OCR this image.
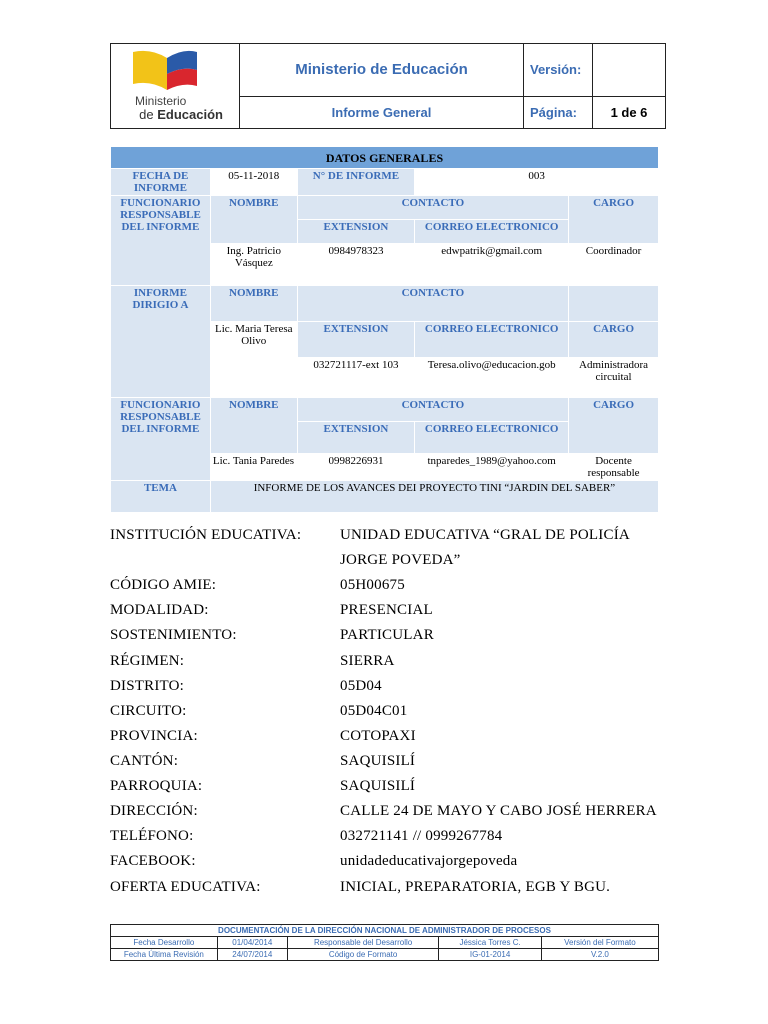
Ministerio
de Educación	Ministerio de Educación	Versión:	
	Informe General	Página:	1 de 6
DATOS GENERALES				
FECHA DE INFORME	05-11-2018	N° DE INFORME	003	
FUNCIONARIO RESPONSABLE DEL INFORME	NOMBRE	CONTACTO		CARGO
		EXTENSION	CORREO ELECTRONICO	
	Ing. Patricio Vásquez	0984978323	edwpatrik@gmail.com	Coordinador
INFORME DIRIGIO A	NOMBRE	CONTACTO		
	Lic. Maria Teresa Olivo	EXTENSION	CORREO ELECTRONICO	CARGO
		032721117-ext 103	Teresa.olivo@educacion.gob	Administradora circuital
FUNCIONARIO RESPONSABLE DEL INFORME	NOMBRE	CONTACTO		CARGO
		EXTENSION	CORREO ELECTRONICO	
	Lic. Tania Paredes	0998226931	tnparedes_1989@yahoo.com	Docente responsable
TEMA	INFORME DE LOS AVANCES DEI PROYECTO TINI “JARDIN DEL SABER”			
INSTITUCIÓN EDUCATIVA:	UNIDAD EDUCATIVA “GRAL DE POLICÍA
JORGE POVEDA”
CÓDIGO AMIE:	05H00675
MODALIDAD:	PRESENCIAL
SOSTENIMIENTO:	PARTICULAR
RÉGIMEN:	SIERRA
DISTRITO:	05D04
CIRCUITO:	05D04C01
PROVINCIA:	COTOPAXI
CANTÓN:	SAQUISILÍ
PARROQUIA:	SAQUISILÍ
DIRECCIÓN:	CALLE 24 DE MAYO Y CABO JOSÉ HERRERA
TELÉFONO:	032721141 // 0999267784
FACEBOOK:	unidadeducativajorgepoveda
OFERTA EDUCATIVA:	INICIAL, PREPARATORIA, EGB Y BGU.
DOCUMENTACIÓN DE LA DIRECCIÓN NACIONAL DE ADMINISTRADOR DE PROCESOS				
Fecha Desarrollo	01/04/2014	Responsable del Desarrollo	Jéssica Torres C.	Versión del Formato
Fecha Última Revisión	24/07/2014	Código de Formato	IG-01-2014	V.2.0
